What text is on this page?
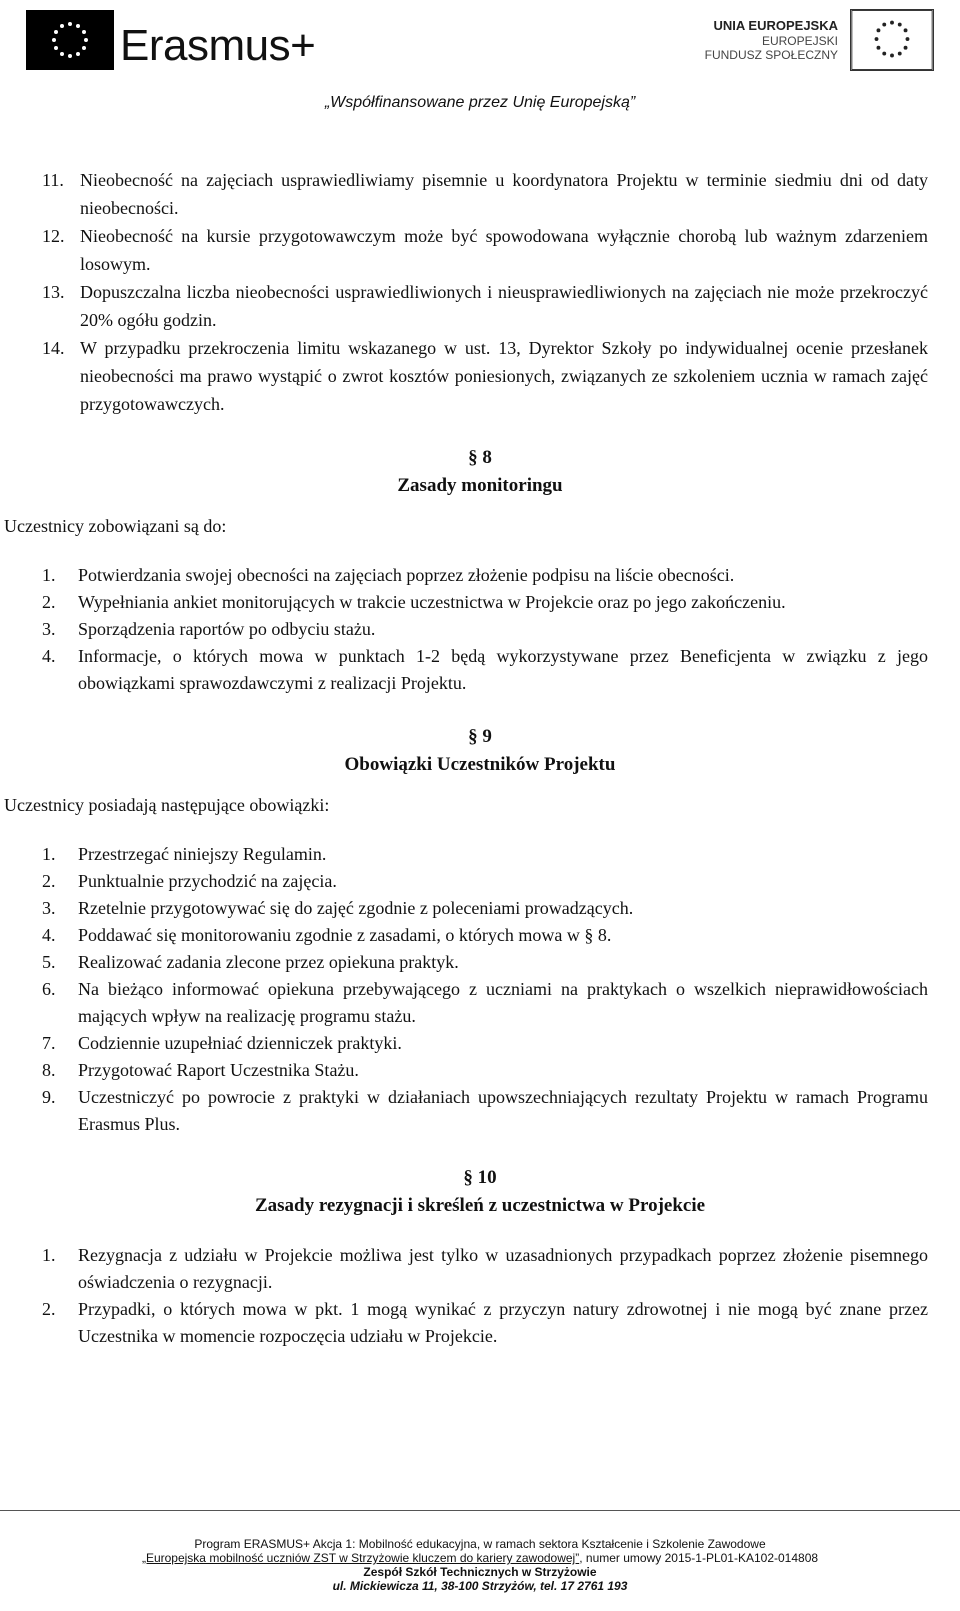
Erasmus+	UNIA EUROPEJSKA
EUROPEJSKI
FUNDUSZ SPOŁECZNY
„Współfinansowane przez Unię Europejską”
11. Nieobecność na zajęciach usprawiedliwiamy pisemnie u koordynatora Projektu w terminie siedmiu dni od daty nieobecności.
12. Nieobecność na kursie przygotowawczym może być spowodowana wyłącznie chorobą lub ważnym zdarzeniem losowym.
13. Dopuszczalna liczba nieobecności usprawiedliwionych i nieusprawiedliwionych na zajęciach nie może przekroczyć 20% ogółu godzin.
14. W przypadku przekroczenia limitu wskazanego w ust. 13, Dyrektor Szkoły po indywidualnej ocenie przesłanek nieobecności ma prawo wystąpić o zwrot kosztów poniesionych, związanych ze szkoleniem ucznia w ramach zajęć przygotowawczych.
§ 8
Zasady monitoringu
Uczestnicy zobowiązani są do:
1. Potwierdzania swojej obecności na zajęciach poprzez złożenie podpisu na liście obecności.
2. Wypełniania ankiet monitorujących w trakcie uczestnictwa w Projekcie oraz po jego zakończeniu.
3. Sporządzenia raportów po odbyciu stażu.
4. Informacje, o których mowa w punktach 1-2 będą wykorzystywane przez Beneficjenta w związku z jego obowiązkami sprawozdawczymi z realizacji Projektu.
§ 9
Obowiązki Uczestników Projektu
Uczestnicy posiadają następujące obowiązki:
1. Przestrzegać niniejszy Regulamin.
2. Punktualnie przychodzić na zajęcia.
3. Rzetelnie przygotowywać się do zajęć zgodnie z poleceniami prowadzących.
4. Poddawać się monitorowaniu zgodnie z zasadami, o których mowa w § 8.
5. Realizować zadania zlecone przez opiekuna praktyk.
6. Na bieżąco informować opiekuna przebywającego z uczniami na praktykach o wszelkich nieprawidłowościach mających wpływ na realizację programu stażu.
7. Codziennie uzupełniać dzienniczek praktyki.
8. Przygotować Raport Uczestnika Stażu.
9. Uczestniczyć po powrocie z praktyki w działaniach upowszechniających rezultaty Projektu w ramach Programu Erasmus Plus.
§ 10
Zasady rezygnacji i skreśleń z uczestnictwa w Projekcie
1. Rezygnacja z udziału w Projekcie możliwa jest tylko w uzasadnionych przypadkach poprzez złożenie pisemnego oświadczenia o rezygnacji.
2. Przypadki, o których mowa w pkt. 1 mogą wynikać z przyczyn natury zdrowotnej i nie mogą być znane przez Uczestnika w momencie rozpoczęcia udziału w Projekcie.
Program ERASMUS+ Akcja 1: Mobilność edukacyjna, w ramach sektora Kształcenie i Szkolenie Zawodowe
„Europejska mobilność uczniów ZST w Strzyżowie kluczem do kariery zawodowej”, numer umowy 2015-1-PL01-KA102-014808
Zespół Szkół Technicznych w Strzyżowie
ul. Mickiewicza 11, 38-100 Strzyżów, tel. 17 2761 193
